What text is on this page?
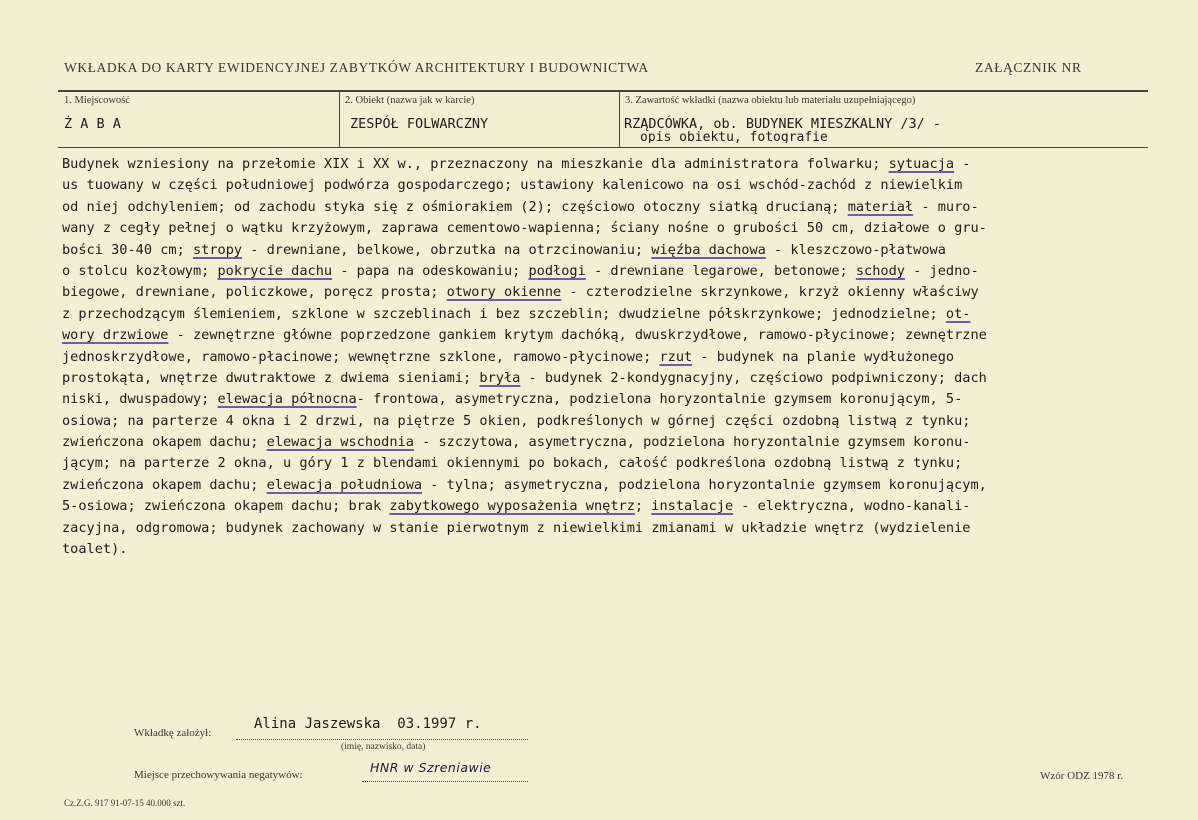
WKŁADKA DO KARTY EWIDENCYJNEJ ZABYTKÓW ARCHITEKTURY I BUDOWNICTWA	ZAŁĄCZNIK NR
1. Miejscowość	2. Obiekt (nazwa jak w karcie)	3. Zawartość wkładki (nazwa obiektu lub materiału uzupełniającego)
Ż A B A	ZESPÓŁ FOLWARCZNY	RZĄDCÓWKA, ob. BUDYNEK MIESZKALNY /3/ -
opis obiektu, fotografie
Budynek wzniesiony na przełomie XIX i XX w., przeznaczony na mieszkanie dla administratora folwarku; sytuacja -
us tuowany w części południowej podwórza gospodarczego; ustawiony kalenicowo na osi wschód-zachód z niewielkim
od niej odchyleniem; od zachodu styka się z ośmiorakiem (2); częściowo otoczny siatką drucianą; materiał - muro-
wany z cegły pełnej o wątku krzyżowym, zaprawa cementowo-wapienna; ściany nośne o grubości 50 cm, działowe o gru-
bości 30-40 cm; stropy - drewniane, belkowe, obrzutka na otrzcinowaniu; więźba dachowa - kleszczowo-płatwowa
o stolcu kozłowym; pokrycie dachu - papa na odeskowaniu; podłogi - drewniane legarowe, betonowe; schody - jedno-
biegowe, drewniane, policzkowe, poręcz prosta; otwory okienne - czterodzielne skrzynkowe, krzyż okienny właściwy
z przechodzącym ślemieniem, szklone w szczeblinach i bez szczeblin; dwudzielne półskrzynkowe; jednodzielne; ot-
wory drzwiowe - zewnętrzne główne poprzedzone gankiem krytym dachóką, dwuskrzydłowe, ramowo-płycinowe; zewnętrzne
jednoskrzydłowe, ramowo-płacinowe; wewnętrzne szklone, ramowo-płycinowe; rzut - budynek na planie wydłużonego
prostokąta, wnętrze dwutraktowe z dwiema sieniami; bryła - budynek 2-kondygnacyjny, częściowo podpiwniczony; dach
niski, dwuspadowy; elewacja północna- frontowa, asymetryczna, podzielona horyzontalnie gzymsem koronującym, 5-
osiowa; na parterze 4 okna i 2 drzwi, na piętrze 5 okien, podkreślonych w górnej części ozdobną listwą z tynku;
zwieńczona okapem dachu; elewacja wschodnia - szczytowa, asymetryczna, podzielona horyzontalnie gzymsem koronu-
jącym; na parterze 2 okna, u góry 1 z blendami okiennymi po bokach, całość podkreślona ozdobną listwą z tynku;
zwieńczona okapem dachu; elewacja południowa - tylna; asymetryczna, podzielona horyzontalnie gzymsem koronującym,
5-osiowa; zwieńczona okapem dachu; brak zabytkowego wyposażenia wnętrz; instalacje - elektryczna, wodno-kanali-
zacyjna, odgromowa; budynek zachowany w stanie pierwotnym z niewielkimi zmianami w układzie wnętrz (wydzielenie
toalet).
Wkładkę założył:
Alina Jaszewska  03.1997 r.
(imię, nazwisko, data)
Miejsce przechowywania negatywów:	HNR w Szreniawie
Cz.Z.G. 917 91-07-15 40.000 szt.
Wzór ODZ 1978 r.
